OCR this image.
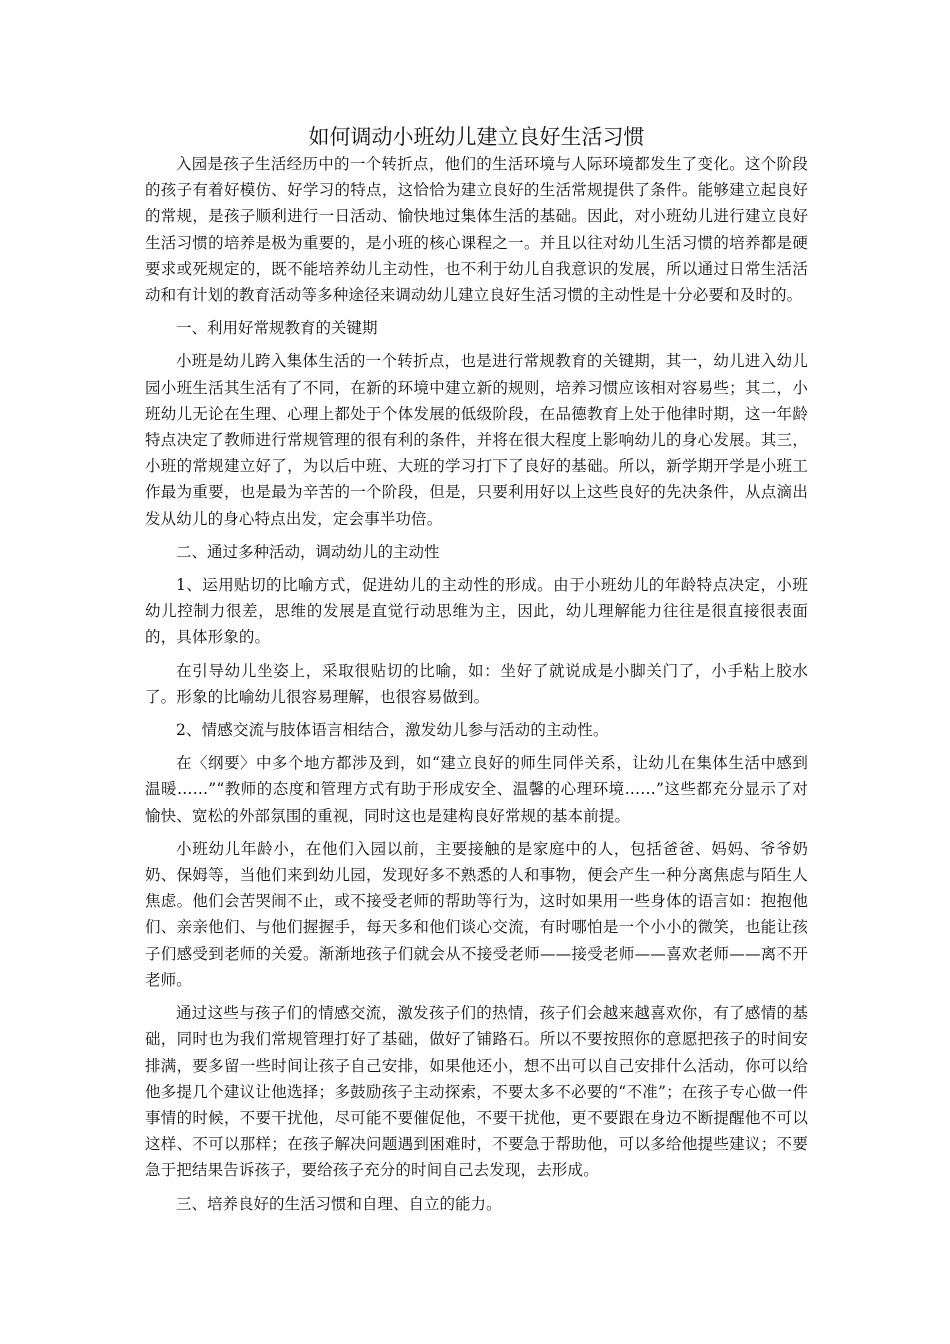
如何调动小班幼儿建立良好生活习惯

入园是孩子生活经历中的一个转折点，他们的生活环境与人际环境都发生了变化。这个阶段的孩子有着好模仿、好学习的特点，这恰恰为建立良好的生活常规提供了条件。能够建立起良好的常规，是孩子顺利进行一日活动、愉快地过集体生活的基础。因此，对小班幼儿进行建立良好生活习惯的培养是极为重要的，是小班的核心课程之一。并且以往对幼儿生活习惯的培养都是硬要求或死规定的，既不能培养幼儿主动性，也不利于幼儿自我意识的发展，所以通过日常生活活动和有计划的教育活动等多种途径来调动幼儿建立良好生活习惯的主动性是十分必要和及时的。

一、利用好常规教育的关键期

小班是幼儿跨入集体生活的一个转折点，也是进行常规教育的关键期，其一，幼儿进入幼儿园小班生活其生活有了不同，在新的环境中建立新的规则，培养习惯应该相对容易些；其二，小班幼儿无论在生理、心理上都处于个体发展的低级阶段，在品德教育上处于他律时期，这一年龄特点决定了教师进行常规管理的很有利的条件，并将在很大程度上影响幼儿的身心发展。其三，小班的常规建立好了，为以后中班、大班的学习打下了良好的基础。所以，新学期开学是小班工作最为重要，也是最为辛苦的一个阶段，但是，只要利用好以上这些良好的先决条件，从点滴出发从幼儿的身心特点出发，定会事半功倍。

二、通过多种活动，调动幼儿的主动性

1、运用贴切的比喻方式，促进幼儿的主动性的形成。由于小班幼儿的年龄特点决定，小班幼儿控制力很差，思维的发展是直觉行动思维为主，因此，幼儿理解能力往往是很直接很表面的，具体形象的。

在引导幼儿坐姿上，采取很贴切的比喻，如：坐好了就说成是小脚关门了，小手粘上胶水了。形象的比喻幼儿很容易理解，也很容易做到。

2、情感交流与肢体语言相结合，激发幼儿参与活动的主动性。

在〈纲要〉中多个地方都涉及到，如“建立良好的师生同伴关系，让幼儿在集体生活中感到温暖……”“教师的态度和管理方式有助于形成安全、温馨的心理环境……”这些都充分显示了对愉快、宽松的外部氛围的重视，同时这也是建构良好常规的基本前提。

小班幼儿年龄小，在他们入园以前，主要接触的是家庭中的人，包括爸爸、妈妈、爷爷奶奶、保姆等，当他们来到幼儿园，发现好多不熟悉的人和事物，便会产生一种分离焦虑与陌生人焦虑。他们会苦哭闹不止，或不接受老师的帮助等行为，这时如果用一些身体的语言如：抱抱他们、亲亲他们、与他们握握手，每天多和他们谈心交流，有时哪怕是一个小小的微笑，也能让孩子们感受到老师的关爱。渐渐地孩子们就会从不接受老师——接受老师——喜欢老师——离不开老师。

通过这些与孩子们的情感交流，激发孩子们的热情，孩子们会越来越喜欢你，有了感情的基础，同时也为我们常规管理打好了基础，做好了铺路石。所以不要按照你的意愿把孩子的时间安排满，要多留一些时间让孩子自己安排，如果他还小，想不出可以自己安排什么活动，你可以给他多提几个建议让他选择；多鼓励孩子主动探索，不要太多不必要的“不准”；在孩子专心做一件事情的时候，不要干扰他，尽可能不要催促他，不要干扰他，更不要跟在身边不断提醒他不可以这样、不可以那样；在孩子解决问题遇到困难时，不要急于帮助他，可以多给他提些建议；不要急于把结果告诉孩子，要给孩子充分的时间自己去发现，去形成。

三、培养良好的生活习惯和自理、自立的能力。
